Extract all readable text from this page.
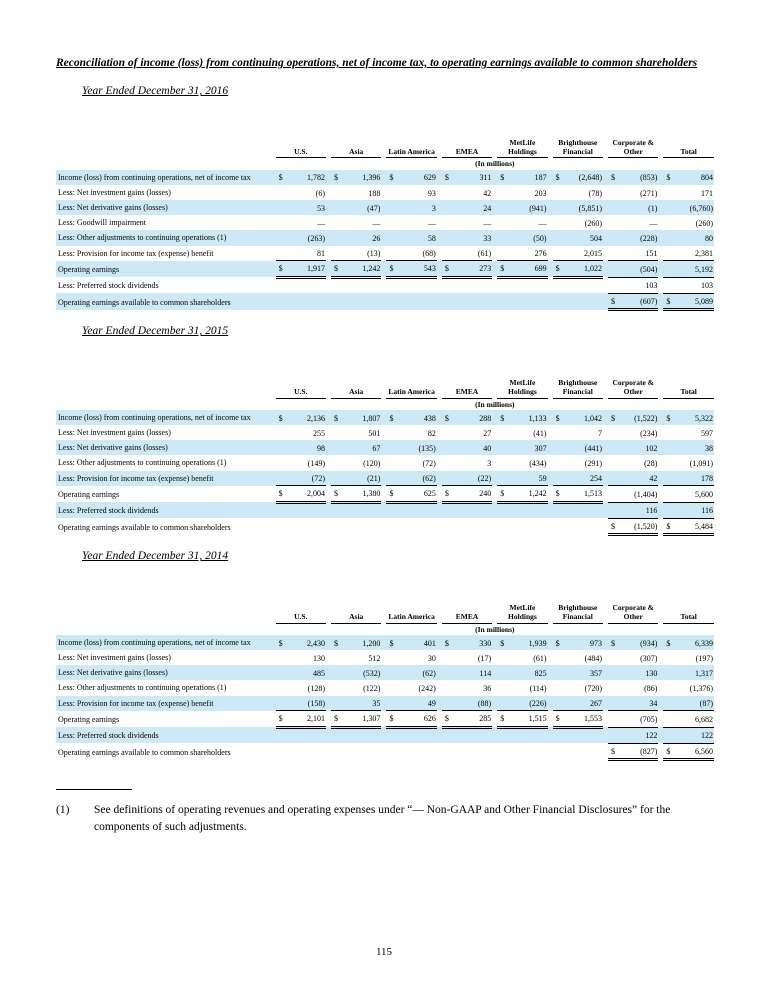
Reconciliation of income (loss) from continuing operations, net of income tax, to operating earnings available to common shareholders
Year Ended December 31, 2016
	U.S.			Asia			Latin America			EMEA			MetLife Holdings			Brighthouse Financial			Corporate & Other			Total	
	(In millions)																						
Income (loss) from continuing operations, net of income tax	$	1,782		$	1,396		$	629		$	311		$	187		$	(2,648)		$	(853)		$	804
Less: Net investment gains (losses)		(6)			188			93			42			203			(78)			(271)			171
Less: Net derivative gains (losses)		53			(47)			3			24			(941)			(5,851)			(1)			(6,760)
Less: Goodwill impairment		—			—			—			—			—			(260)			—			(260)
Less: Other adjustments to continuing operations (1)		(263)			26			58			33			(50)			504			(228)			80
Less: Provision for income tax (expense) benefit		81			(13)			(68)			(61)			276			2,015			151			2,381
Operating earnings	$	1,917		$	1,242		$	543		$	273		$	699		$	1,022			(504)			5,192
Less: Preferred stock dividends																				103			103
Operating earnings available to common shareholders																			$	(607)		$	5,089
Year Ended December 31, 2015
	U.S.			Asia			Latin America			EMEA			MetLife Holdings			Brighthouse Financial			Corporate & Other			Total	
	(In millions)																						
Income (loss) from continuing operations, net of income tax	$	2,136		$	1,807		$	438		$	288		$	1,133		$	1,042		$	(1,522)		$	5,322
Less: Net investment gains (losses)		255			501			82			27			(41)			7			(234)			597
Less: Net derivative gains (losses)		98			67			(135)			40			307			(441)			102			38
Less: Other adjustments to continuing operations (1)		(149)			(120)			(72)			3			(434)			(291)			(28)			(1,091)
Less: Provision for income tax (expense) benefit		(72)			(21)			(62)			(22)			59			254			42			178
Operating earnings	$	2,004		$	1,380		$	625		$	240		$	1,242		$	1,513			(1,404)			5,600
Less: Preferred stock dividends																				116			116
Operating earnings available to common shareholders																			$	(1,520)		$	5,484
Year Ended December 31, 2014
	U.S.			Asia			Latin America			EMEA			MetLife Holdings			Brighthouse Financial			Corporate & Other			Total	
	(In millions)																						
Income (loss) from continuing operations, net of income tax	$	2,430		$	1,200		$	401		$	330		$	1,939		$	973		$	(934)		$	6,339
Less: Net investment gains (losses)		130			512			30			(17)			(61)			(484)			(307)			(197)
Less: Net derivative gains (losses)		485			(532)			(62)			114			825			357			130			1,317
Less: Other adjustments to continuing operations (1)		(128)			(122)			(242)			36			(114)			(720)			(86)			(1,376)
Less: Provision for income tax (expense) benefit		(158)			35			49			(88)			(226)			267			34			(87)
Operating earnings	$	2,101		$	1,307		$	626		$	285		$	1,515		$	1,553			(705)			6,682
Less: Preferred stock dividends																				122			122
Operating earnings available to common shareholders																			$	(827)		$	6,560
(1)	See definitions of operating revenues and operating expenses under “— Non-GAAP and Other Financial Disclosures” for the components of such adjustments.
115
